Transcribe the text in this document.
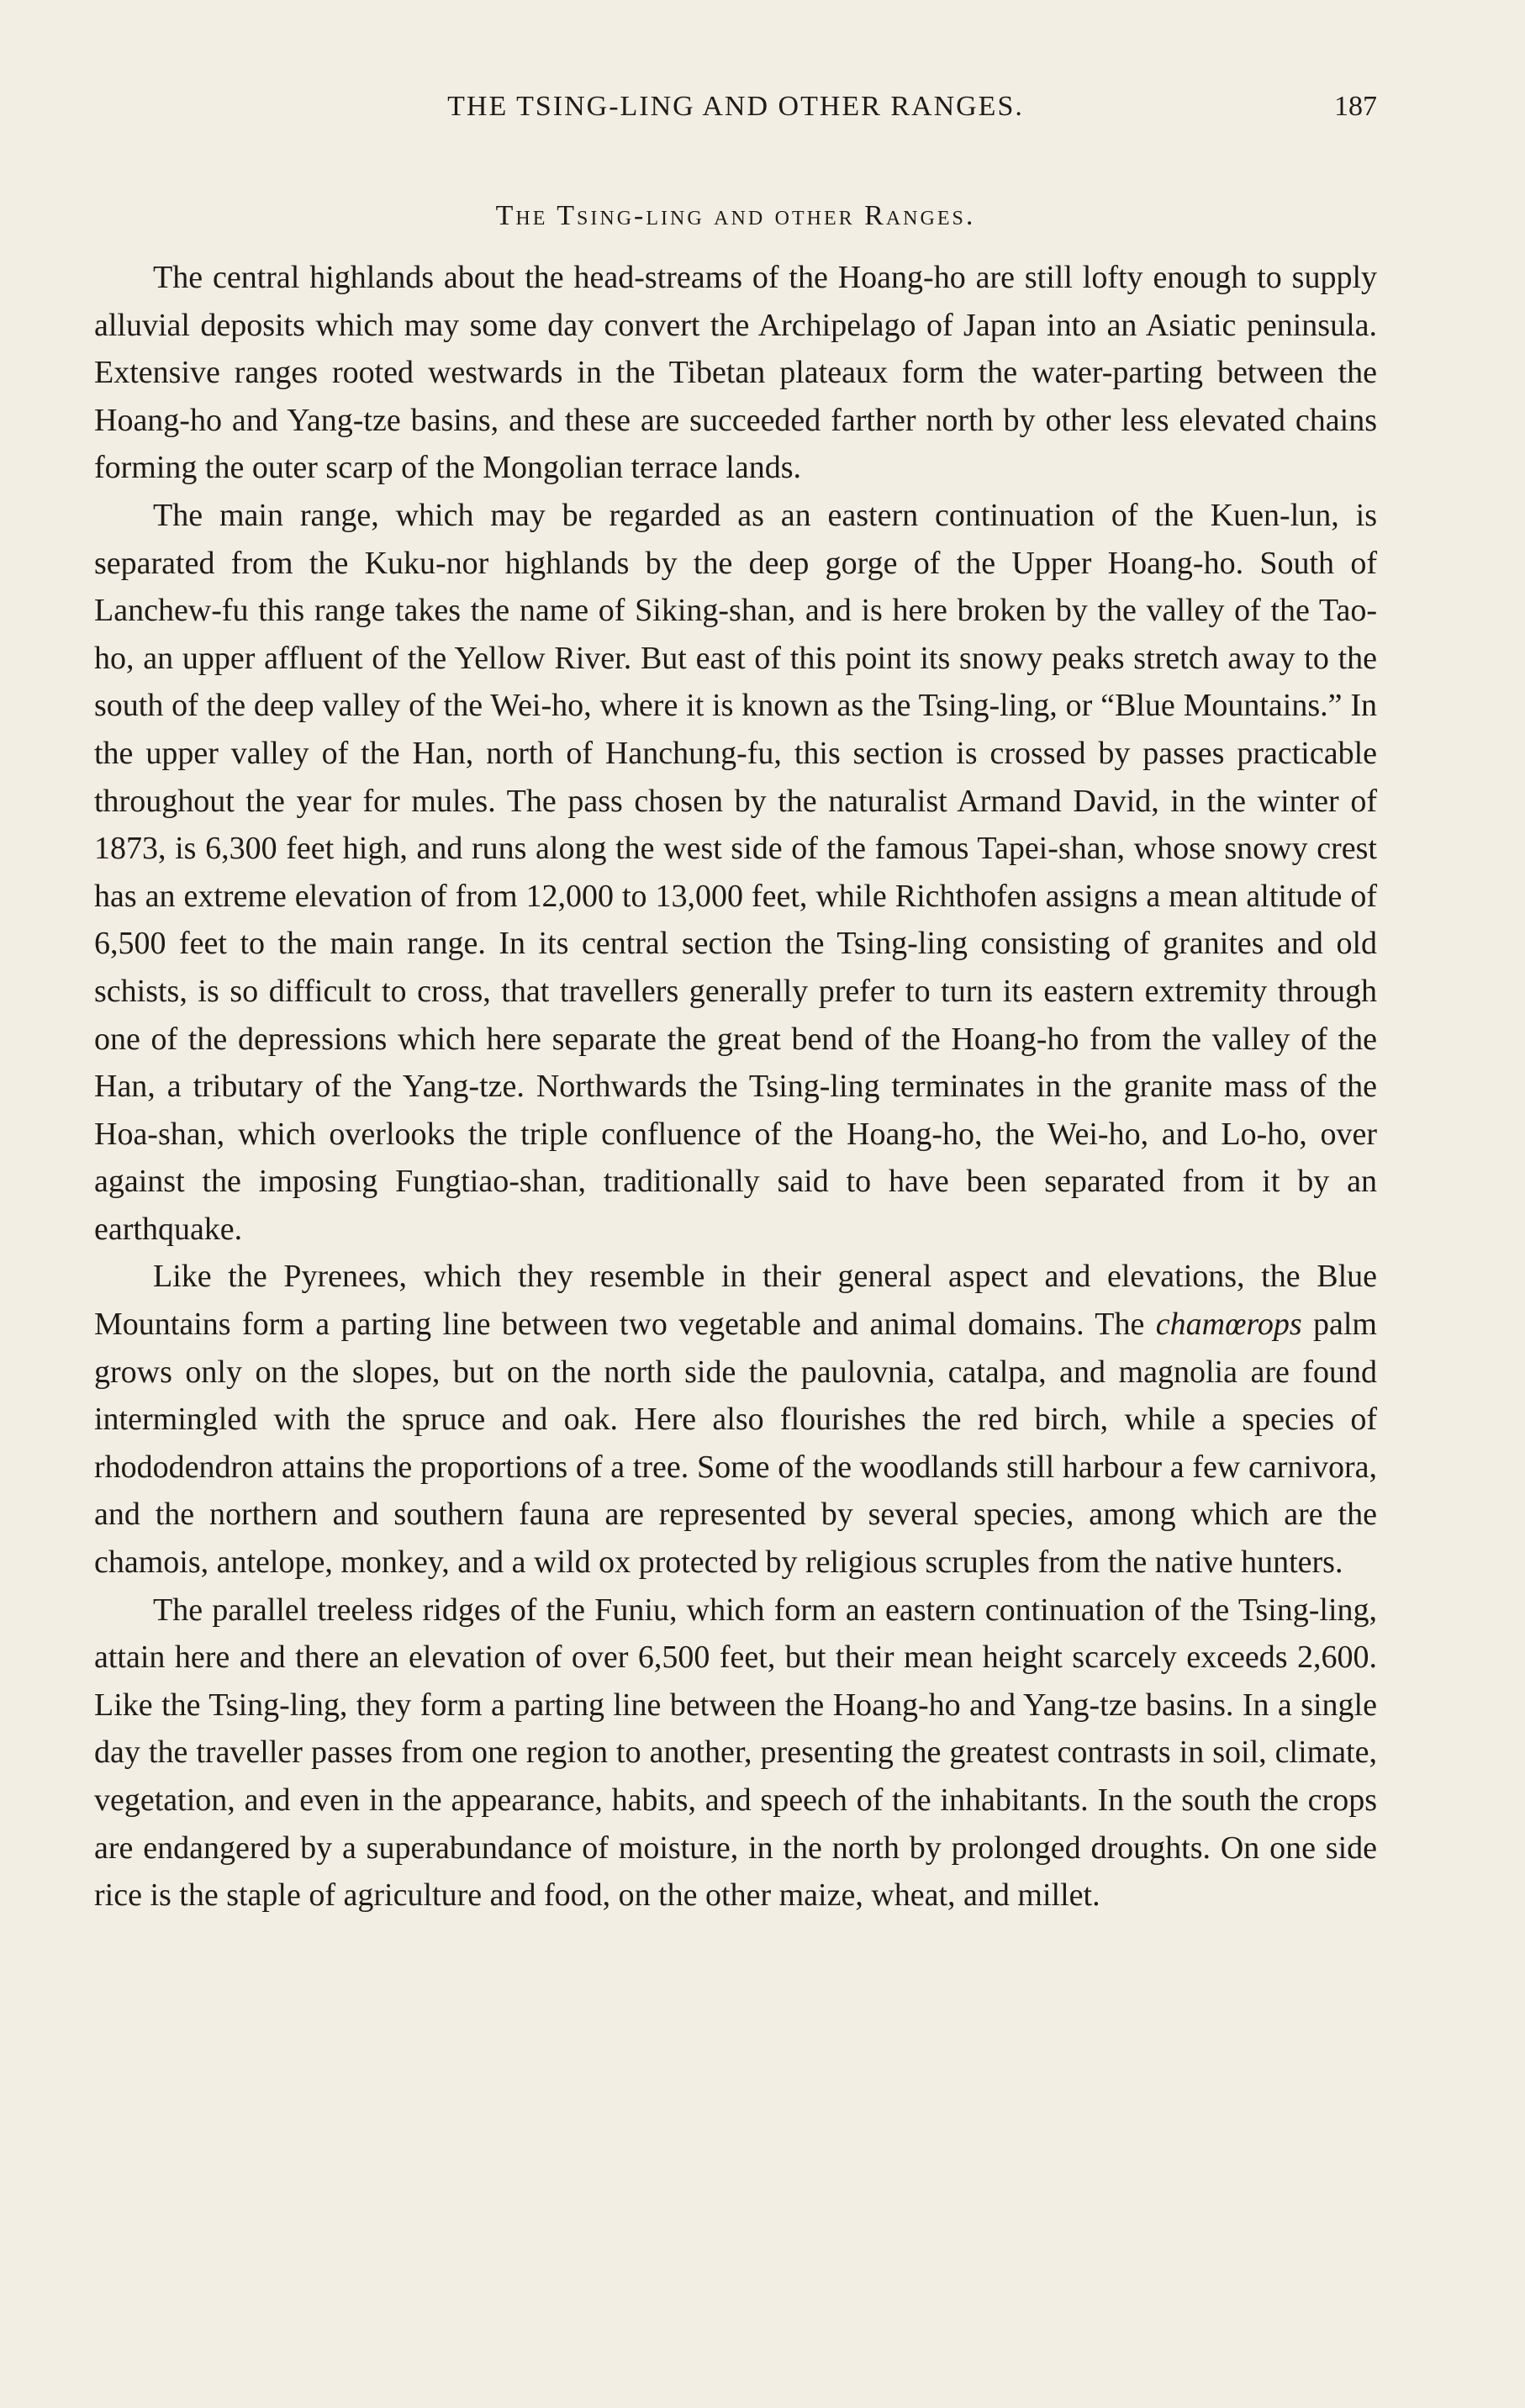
THE TSING-LING AND OTHER RANGES.	187
The Tsing-ling and other Ranges.

The central highlands about the head-streams of the Hoang-ho are still lofty enough to supply alluvial deposits which may some day convert the Archipelago of Japan into an Asiatic peninsula. Extensive ranges rooted westwards in the Tibetan plateaux form the water-parting between the Hoang-ho and Yang-tze basins, and these are succeeded farther north by other less elevated chains forming the outer scarp of the Mongolian terrace lands.

The main range, which may be regarded as an eastern continuation of the Kuen-lun, is separated from the Kuku-nor highlands by the deep gorge of the Upper Hoang-ho. South of Lanchew-fu this range takes the name of Siking-shan, and is here broken by the valley of the Tao-ho, an upper affluent of the Yellow River. But east of this point its snowy peaks stretch away to the south of the deep valley of the Wei-ho, where it is known as the Tsing-ling, or “Blue Mountains.” In the upper valley of the Han, north of Hanchung-fu, this section is crossed by passes practicable throughout the year for mules. The pass chosen by the naturalist Armand David, in the winter of 1873, is 6,300 feet high, and runs along the west side of the famous Tapei-shan, whose snowy crest has an extreme elevation of from 12,000 to 13,000 feet, while Richthofen assigns a mean altitude of 6,500 feet to the main range. In its central section the Tsing-ling consisting of granites and old schists, is so difficult to cross, that travellers generally prefer to turn its eastern extremity through one of the depressions which here separate the great bend of the Hoang-ho from the valley of the Han, a tributary of the Yang-tze. Northwards the Tsing-ling terminates in the granite mass of the Hoa-shan, which overlooks the triple confluence of the Hoang-ho, the Wei-ho, and Lo-ho, over against the imposing Fungtiao-shan, traditionally said to have been separated from it by an earthquake.

Like the Pyrenees, which they resemble in their general aspect and elevations, the Blue Mountains form a parting line between two vegetable and animal domains. The chamœrops palm grows only on the slopes, but on the north side the paulovnia, catalpa, and magnolia are found intermingled with the spruce and oak. Here also flourishes the red birch, while a species of rhododendron attains the proportions of a tree. Some of the woodlands still harbour a few carnivora, and the northern and southern fauna are represented by several species, among which are the chamois, antelope, monkey, and a wild ox protected by religious scruples from the native hunters.

The parallel treeless ridges of the Funiu, which form an eastern continuation of the Tsing-ling, attain here and there an elevation of over 6,500 feet, but their mean height scarcely exceeds 2,600. Like the Tsing-ling, they form a parting line between the Hoang-ho and Yang-tze basins. In a single day the traveller passes from one region to another, presenting the greatest contrasts in soil, climate, vegetation, and even in the appearance, habits, and speech of the inhabitants. In the south the crops are endangered by a superabundance of moisture, in the north by prolonged droughts. On one side rice is the staple of agriculture and food, on the other maize, wheat, and millet.
